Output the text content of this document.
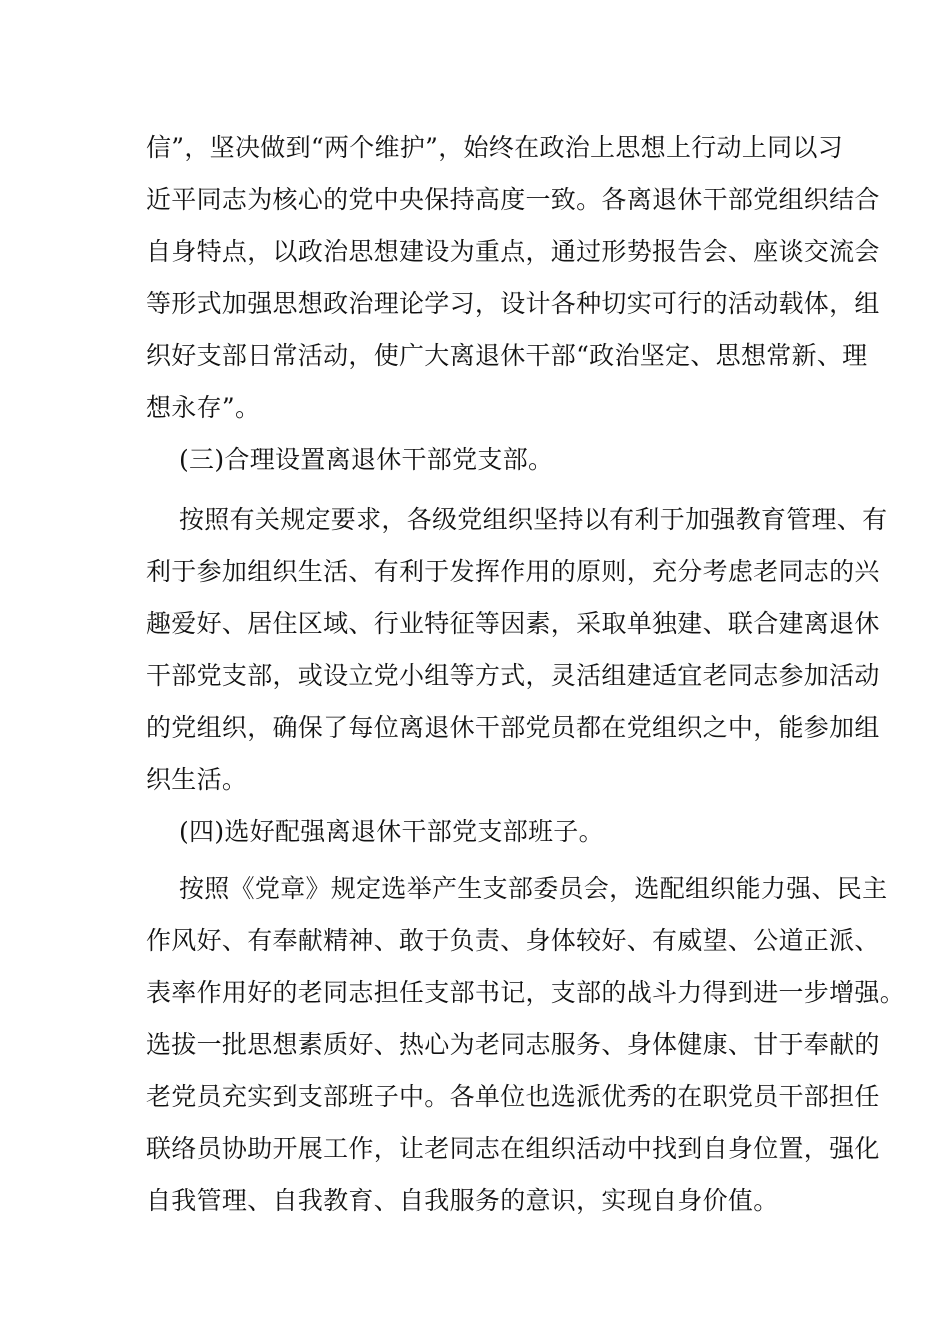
信”，坚决做到“两个维护”，始终在政治上思想上行动上同以习
近平同志为核心的党中央保持高度一致。各离退休干部党组织结合
自身特点，以政治思想建设为重点，通过形势报告会、座谈交流会
等形式加强思想政治理论学习，设计各种切实可行的活动载体，组
织好支部日常活动，使广大离退休干部“政治坚定、思想常新、理
想永存”。
(三)合理设置离退休干部党支部。
按照有关规定要求，各级党组织坚持以有利于加强教育管理、有
利于参加组织生活、有利于发挥作用的原则，充分考虑老同志的兴
趣爱好、居住区域、行业特征等因素，采取单独建、联合建离退休
干部党支部，或设立党小组等方式，灵活组建适宜老同志参加活动
的党组织，确保了每位离退休干部党员都在党组织之中，能参加组
织生活。
(四)选好配强离退休干部党支部班子。
按照《党章》规定选举产生支部委员会，选配组织能力强、民主
作风好、有奉献精神、敢于负责、身体较好、有威望、公道正派、
表率作用好的老同志担任支部书记，支部的战斗力得到进一步增强。
选拔一批思想素质好、热心为老同志服务、身体健康、甘于奉献的
老党员充实到支部班子中。各单位也选派优秀的在职党员干部担任
联络员协助开展工作，让老同志在组织活动中找到自身位置，强化
自我管理、自我教育、自我服务的意识，实现自身价值。
